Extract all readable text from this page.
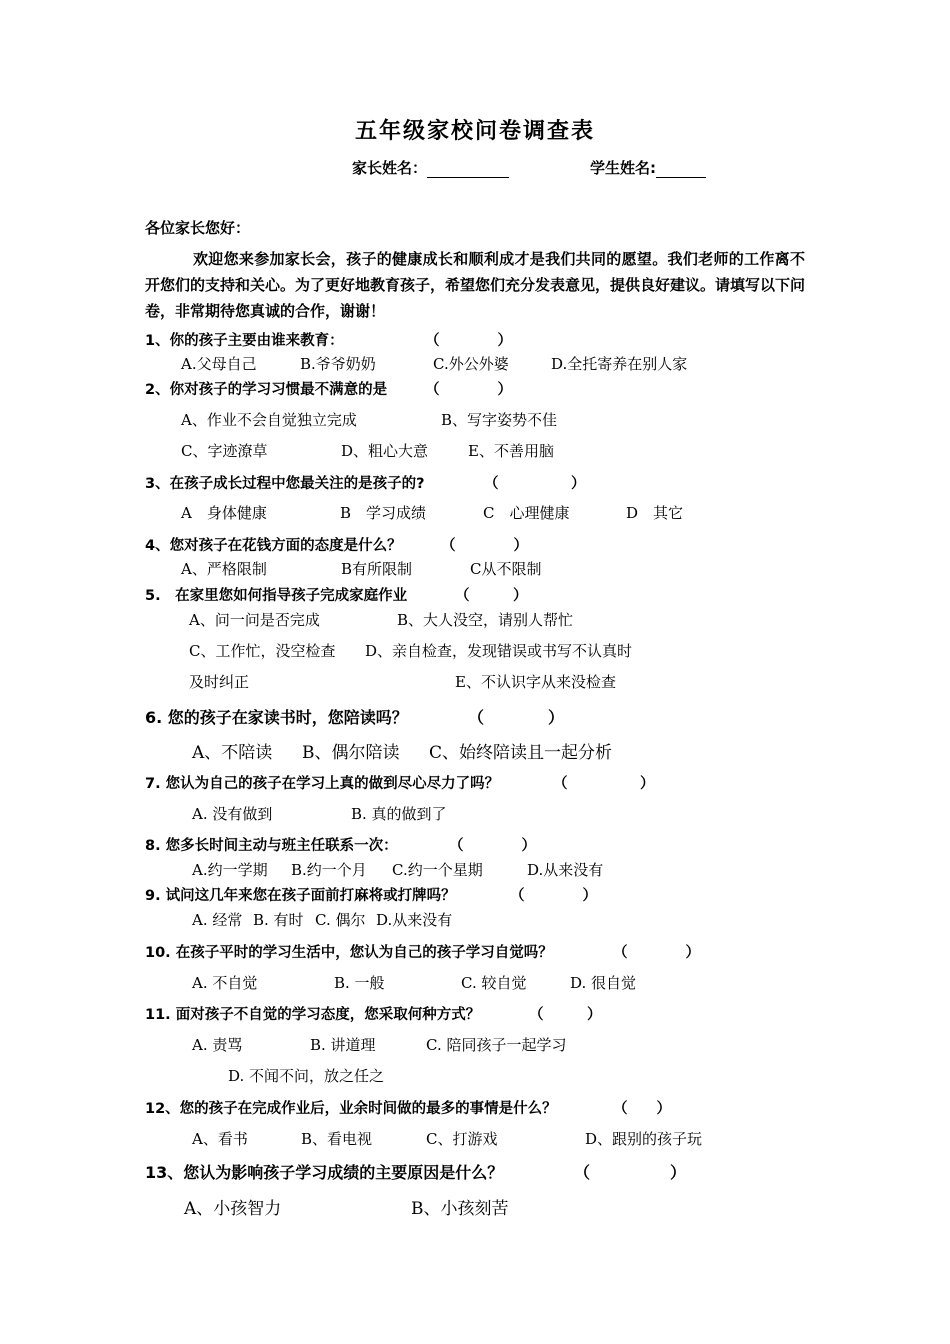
五年级家校问卷调查表
家长姓名：	学生姓名:
各位家长您好：
欢迎您来参加家长会，孩子的健康成长和顺利成才是我们共同的愿望。我们老师的工作离不开您们的支持和关心。为了更好地教育孩子，希望您们充分发表意见，提供良好建议。请填写以下问卷，非常期待您真诚的合作，谢谢！
1、你的孩子主要由谁来教育：	（　　　　）
A.父母自己	B.爷爷奶奶	C.外公外婆	D.全托寄养在别人家
2、你对孩子的学习习惯最不满意的是	（　　　　）
A、作业不会自觉独立完成	B、写字姿势不佳
C、字迹潦草	D、粗心大意	E、不善用脑
3、在孩子成长过程中您最关注的是孩子的?	（　　　　　）
A　身体健康	B　学习成绩	C　心理健康	D　其它
4、您对孩子在花钱方面的态度是什么？	（　　　　）
A、严格限制	B有所限制	C从不限制
5.　在家里您如何指导孩子完成家庭作业	（　　　）
A、问一问是否完成	B、大人没空，请别人帮忙
C、工作忙，没空检查 D、亲自检查，发现错误或书写不认真时
及时纠正	E、不认识字从来没检查
6. 您的孩子在家读书时，您陪读吗？	（　　　　）
A、不陪读 B、偶尔陪读 C、始终陪读且一起分析
7. 您认为自己的孩子在学习上真的做到尽心尽力了吗？	（　　　　　）
A. 没有做到	B. 真的做到了
8. 您多长时间主动与班主任联系一次：	（　　　　）
A.约一学期 B.约一个月 C.约一个星期	D.从来没有
9. 试问这几年来您在孩子面前打麻将或打牌吗？	（　　　　）
A. 经常 B. 有时 C. 偶尔 D.从来没有
10. 在孩子平时的学习生活中，您认为自己的孩子学习自觉吗？	（　　　　）
A. 不自觉	B. 一般	C. 较自觉	D. 很自觉
11. 面对孩子不自觉的学习态度，您采取何种方式？	（　　　）
A. 责骂	B. 讲道理	C. 陪同孩子一起学习
D. 不闻不问，放之任之
12、您的孩子在完成作业后，业余时间做的最多的事情是什么？	（　　）
A、看书	B、看电视	C、打游戏	D、跟别的孩子玩
13、您认为影响孩子学习成绩的主要原因是什么？	（　　　　　）
A、小孩智力	B、小孩刻苦
